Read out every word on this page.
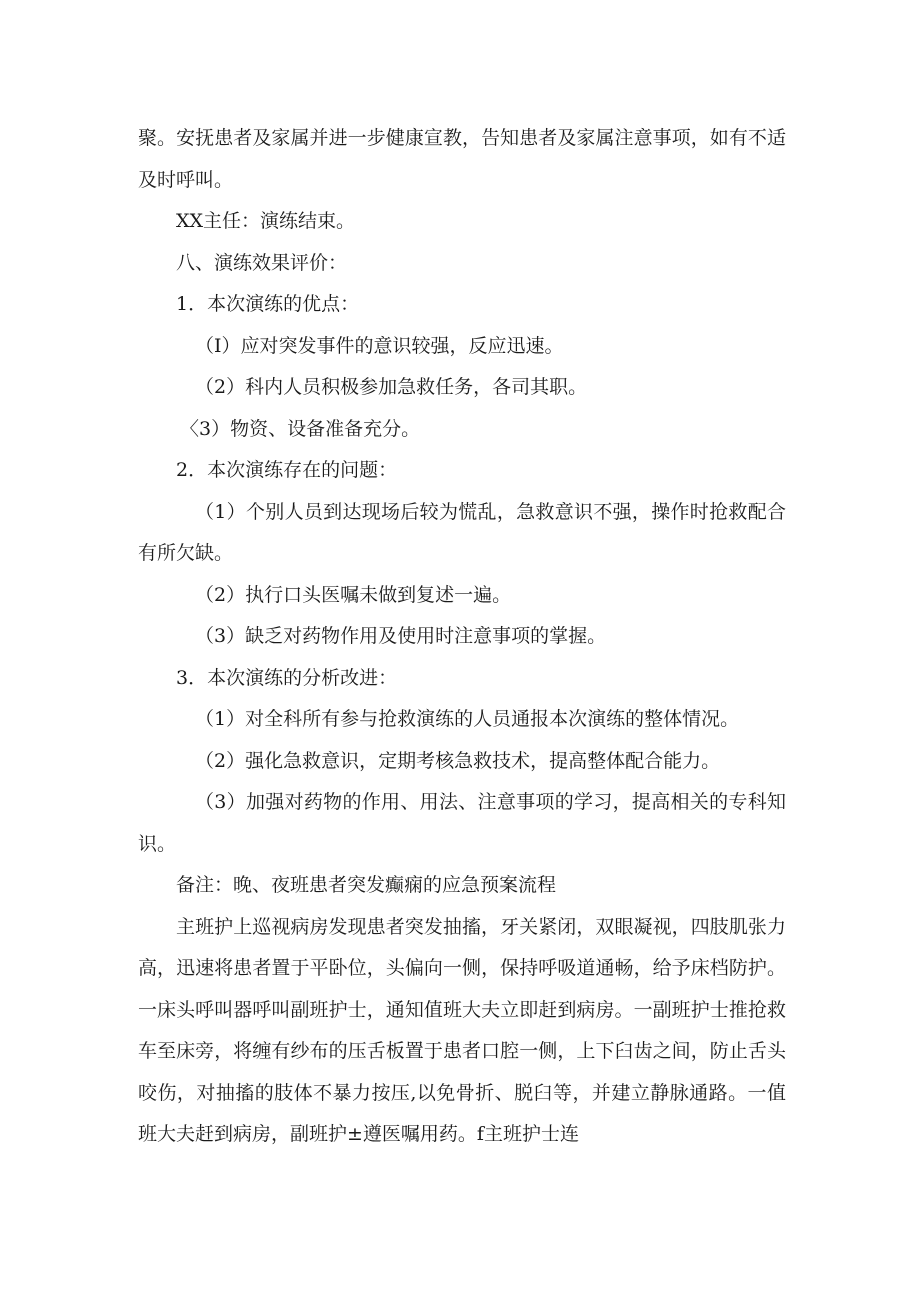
聚。安抚患者及家属并进一步健康宣教，告知患者及家属注意事项，如有不适及时呼叫。

XX主任：演练结束。

八、演练效果评价：

1．本次演练的优点：

（I）应对突发事件的意识较强，反应迅速。

（2）科内人员积极参加急救任务，各司其职。

〈3）物资、设备准备充分。

2．本次演练存在的问题：

（1）个别人员到达现场后较为慌乱，急救意识不强，操作时抢救配合有所欠缺。

（2）执行口头医嘱未做到复述一遍。

（3）缺乏对药物作用及使用时注意事项的掌握。

3．本次演练的分析改进：

（1）对全科所有参与抢救演练的人员通报本次演练的整体情况。

（2）强化急救意识，定期考核急救技术，提高整体配合能力。

（3）加强对药物的作用、用法、注意事项的学习，提高相关的专科知识。

备注：晚、夜班患者突发癫痫的应急预案流程

主班护上巡视病房发现患者突发抽搐，牙关紧闭，双眼凝视，四肢肌张力高，迅速将患者置于平卧位，头偏向一侧，保持呼吸道通畅，给予床档防护。一床头呼叫器呼叫副班护士，通知值班大夫立即赶到病房。一副班护士推抢救车至床旁，将缠有纱布的压舌板置于患者口腔一侧，上下臼齿之间，防止舌头咬伤，对抽搐的肢体不暴力按压,以免骨折、脱臼等，并建立静脉通路。一值班大夫赶到病房，副班护±遵医嘱用药。f主班护士连
